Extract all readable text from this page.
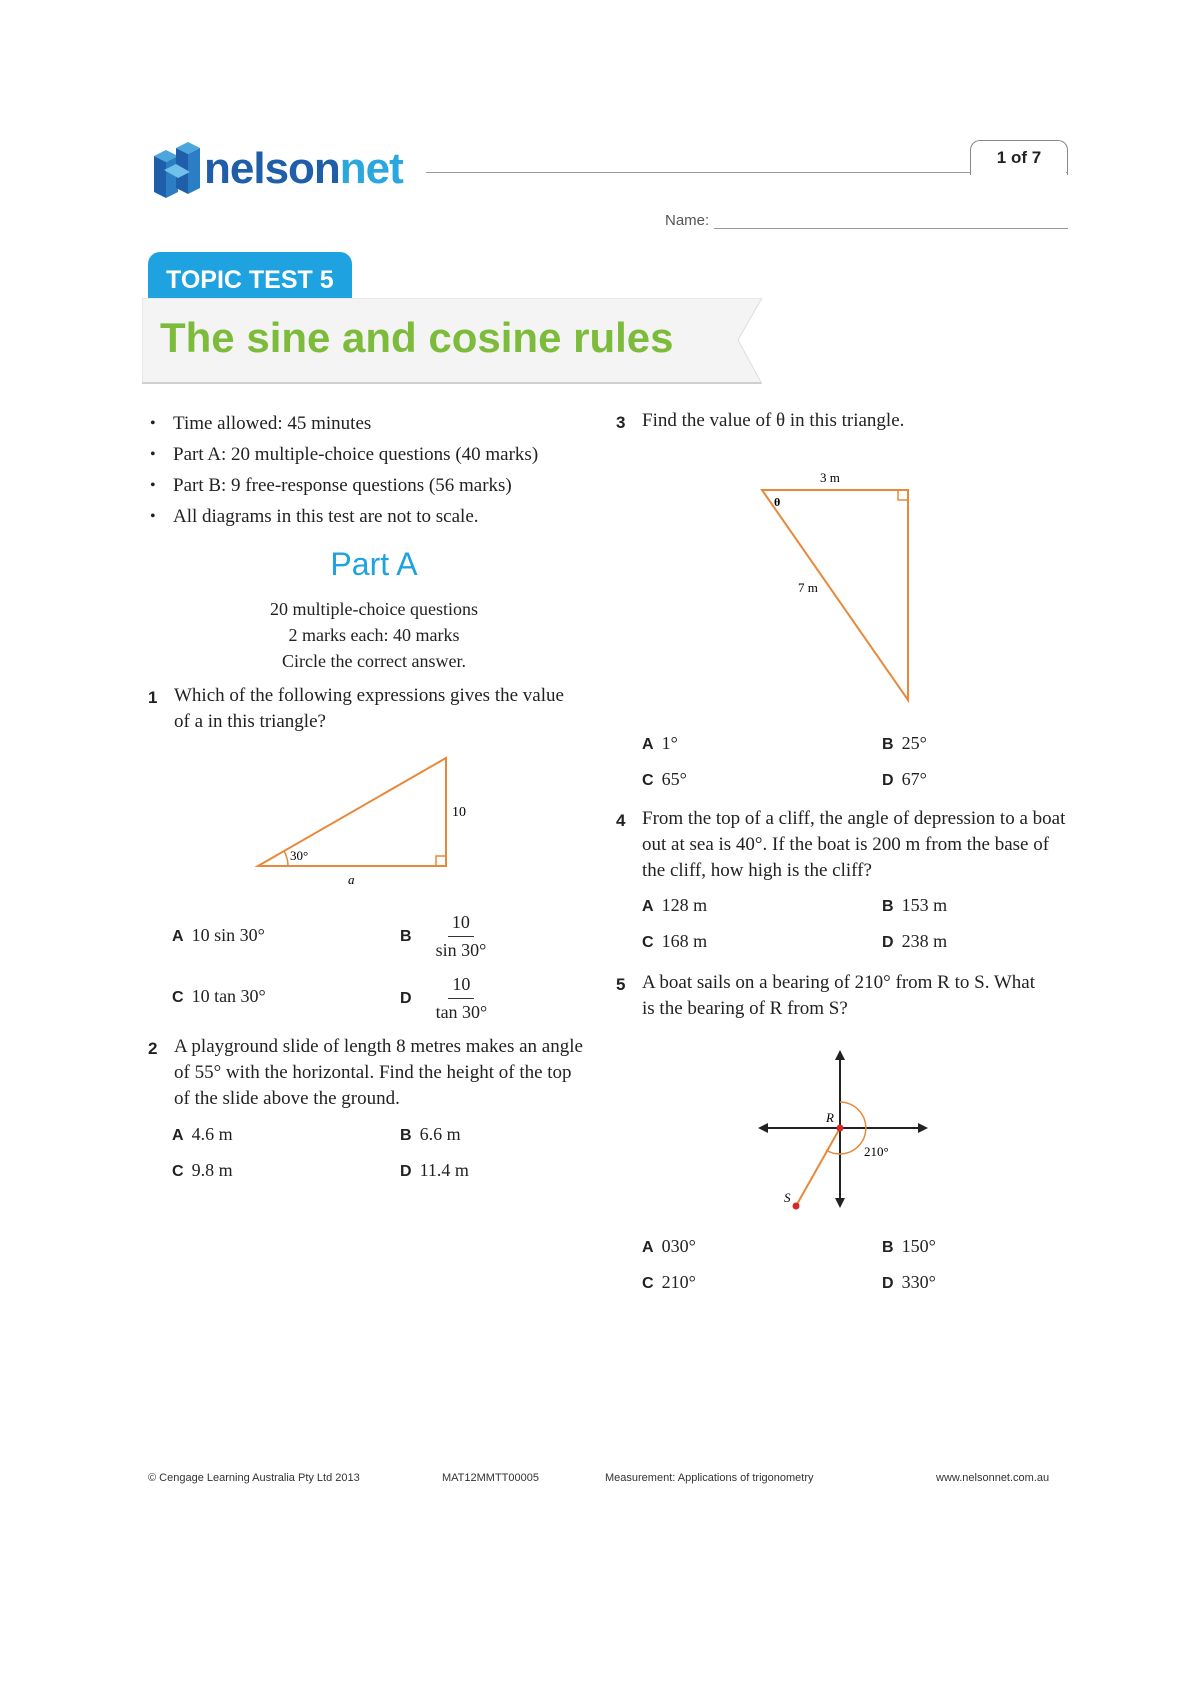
nelsonnet	1 of 7
Name:
TOPIC TEST 5
The sine and cosine rules
• Time allowed: 45 minutes
• Part A: 20 multiple-choice questions (40 marks)
• Part B: 9 free-response questions (56 marks)
• All diagrams in this test are not to scale.
Part A
20 multiple-choice questions
2 marks each: 40 marks
Circle the correct answer.
1 Which of the following expressions gives the value of a in this triangle?
10
30°
a
A 10 sin 30°	B $\frac{10}{\sin 30^\circ}$
C 10 tan 30°	D $\frac{10}{\tan 30^\circ}$
2 A playground slide of length 8 metres makes an angle of 55° with the horizontal. Find the height of the top of the slide above the ground.
A 4.6 m	B 6.6 m
C 9.8 m	D 11.4 m
3 Find the value of θ in this triangle.
3 m
θ
7 m
A 1°	B 25°
C 65°	D 67°
4 From the top of a cliff, the angle of depression to a boat out at sea is 40°. If the boat is 200 m from the base of the cliff, how high is the cliff?
A 128 m	B 153 m
C 168 m	D 238 m
5 A boat sails on a bearing of 210° from R to S. What is the bearing of R from S?
R
S
210°
A 030°	B 150°
C 210°	D 330°
© Cengage Learning Australia Pty Ltd 2013	MAT12MMTT00005	Measurement: Applications of trigonometry	www.nelsonnet.com.au
